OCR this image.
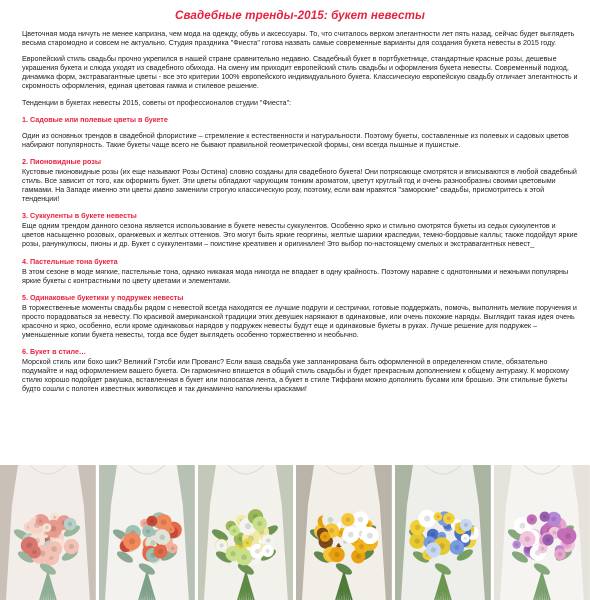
Свадебные тренды-2015: букет невесты

Цветочная мода ничуть не менее капризна, чем мода на одежду, обувь и аксессуары. То, что считалось верхом элегантности лет пять назад, сейчас будет выглядеть весьма старомодно и совсем не актуально. Студия праздника "Фиеста" готова назвать самые современные варианты для создания букета невесты в 2015 году.

Европейский стиль свадьбы прочно укрепился в нашей стране сравнительно недавно. Свадебный букет в портбукетнице, стандартные красные розы, дешевые украшения букета и слюда уходят из свадебного обихода. На смену им приходит европейский стиль свадьбы и оформления букета невесты. Современный подход, динамика форм, экстравагантные цветы - все это критерии 100% европейского индивидуального букета. Классическую европейскую свадьбу отличает элегантность и скромность оформления, единая цветовая гамма и стилевое решение.

Тенденции в букетах невесты 2015, советы от профессионалов студии "Фиеста":

1. Садовые или полевые цветы в букете

Один из основных трендов в свадебной флористике – стремление к естественности и натуральности. Поэтому букеты, составленные из полевых и садовых цветов набирают популярность. Такие букеты чаще всего не бывают правильной геометрической формы, они всегда пышные и пушистые.

2. Пионовидные розы

Кустовые пионовидные розы (их еще называют Розы Остина) словно созданы для свадебного букета! Они потрясающе смотрятся и вписываются в любой свадебный стиль. Все зависит от того, как оформить букет. Эти цветы обладают чарующим тонким ароматом, цветут круглый год и очень разнообразны своими цветовыми гаммами. На Западе именно эти цветы давно заменили строгую классическую розу, поэтому, если вам нравятся "заморские" свадьбы, присмотритесь к этой тенденции!

3. Суккуленты в букете невесты

Еще одним трендом данного сезона является использование в букете невесты суккулентов. Особенно ярко и стильно смотрятся букеты из седых суккулентов и цветов насыщенно розовых, оранжевых и желтых оттенков. Это могут быть яркие георгины, желтые шарики краспедии, темно-бордовые каллы; также подойдут яркие розы, ранункулюсы, пионы и др. Букет с суккулентами – поистине креативен и оригинален! Это выбор по-настоящему смелых и экстравагантных невест_

4. Пастельные тона букета

В этом сезоне в моде мягкие, пастельные тона, однако никакая мода никогда не впадает в одну крайность. Поэтому наравне с однотонными и нежными популярны яркие букеты с контрастными по цвету цветами и элементами.

5. Одинаковые букетики у подружек невесты

В торжественные моменты свадьбы рядом с невестой всегда находятся ее лучшие подруги и сестрички, готовые поддержать, помочь, выполнить мелкие поручения и просто порадоваться за невесту. По красивой американской традиции этих девушек наряжают в одинаковые, или очень похожие наряды. Выглядит такая идея очень красочно и ярко, особенно, если кроме одинаковых нарядов у подружек невесты будут еще и одинаковые букеты в руках. Лучше решение для подружек – уменьшенные копии букета невесты, тогда все будет выглядеть особенно торжественно и необычно.

6. Букет в стиле…

Морской стиль или бохо шик? Великий Гэтсби или Прованс? Если ваша свадьба уже запланирована быть оформленной в определенном стиле, обязательно подумайте и над оформлением вашего букета. Он гармонично впишется в общий стиль свадьбы и будет прекрасным дополнением к общему антуражу. К морскому стилю хорошо подойдет ракушка, вставленная в букет или полосатая лента, а букет в стиле Тиффани можно дополнить бусами или брошью. Эти стильные букеты будто сошли с полотен известных живописцев и так динамично наполнены красками!
